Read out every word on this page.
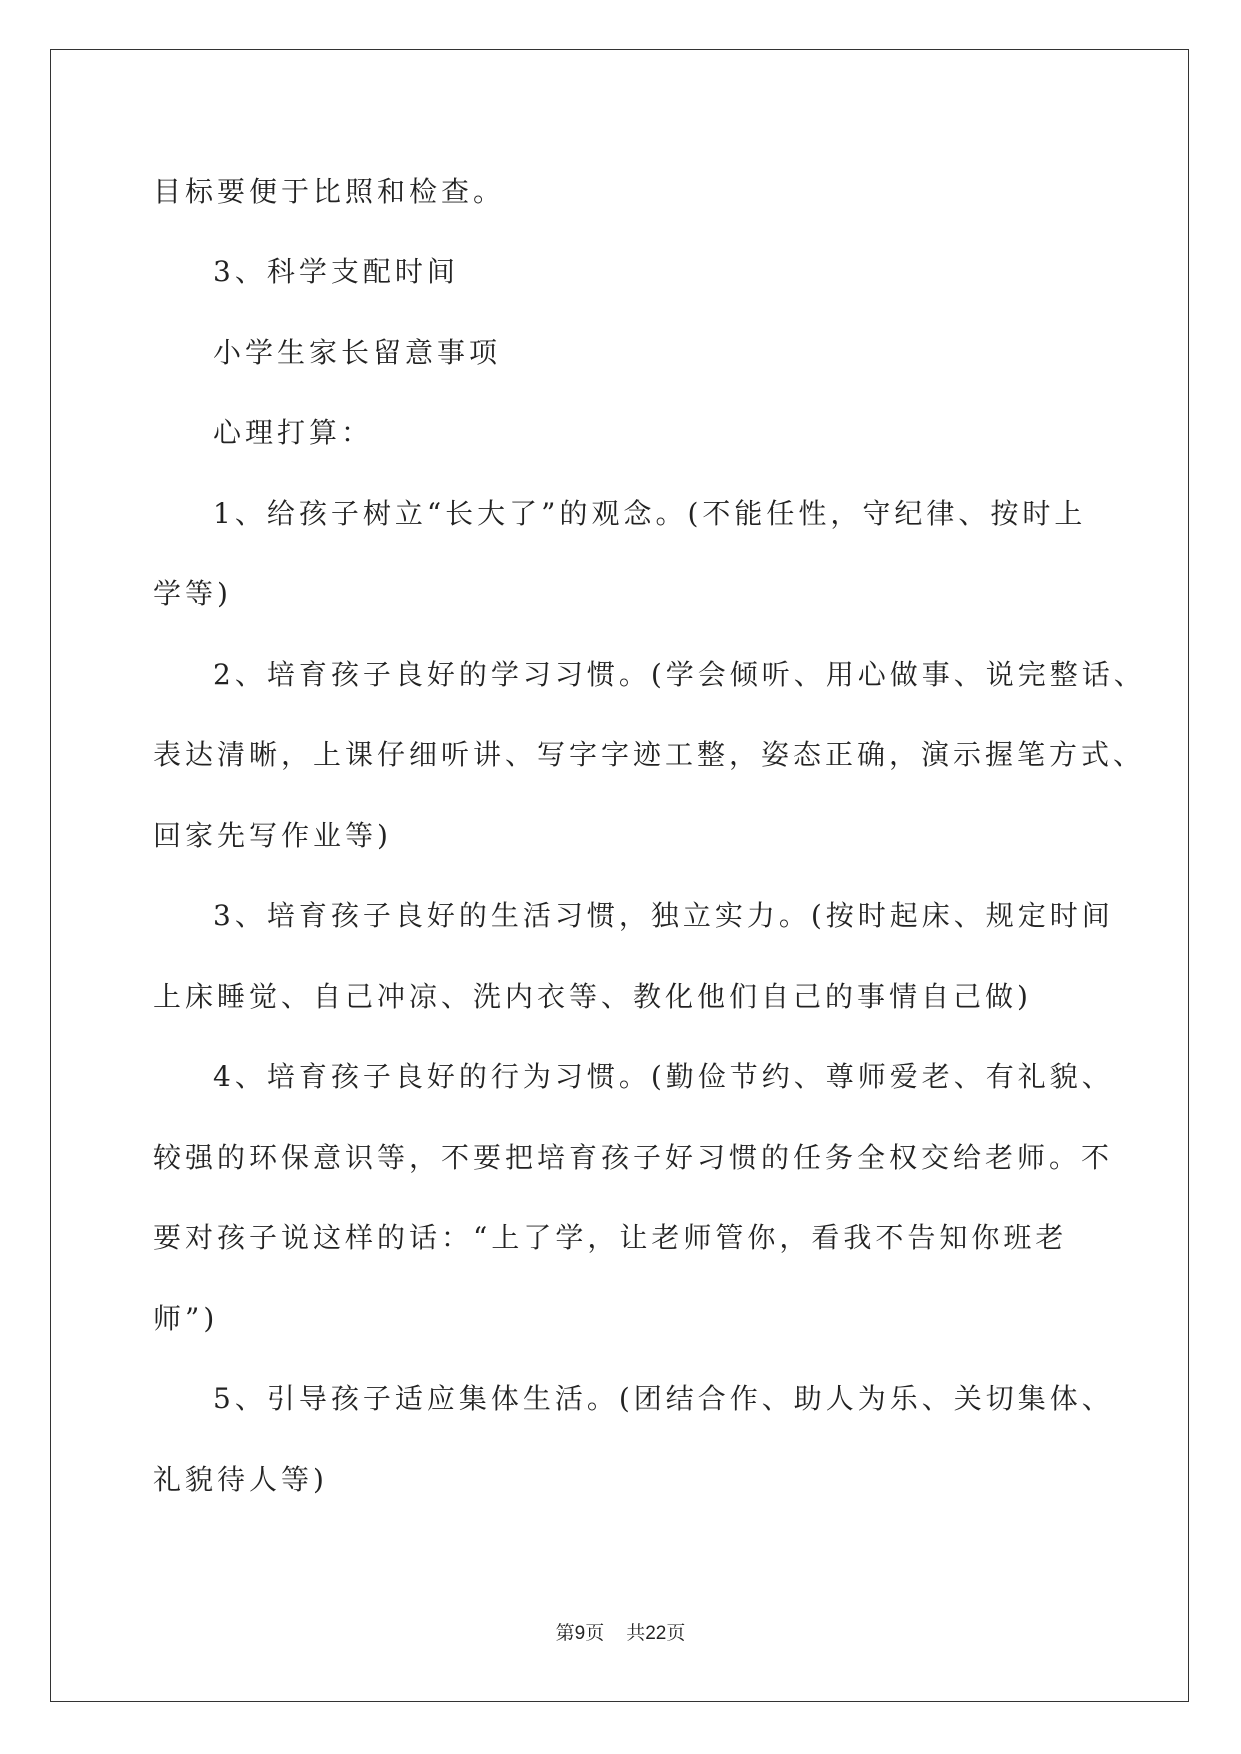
目标要便于比照和检查。
3、科学支配时间
小学生家长留意事项
心理打算：
1、给孩子树立“长大了”的观念。(不能任性，守纪律、按时上
学等)
2、培育孩子良好的学习习惯。(学会倾听、用心做事、说完整话、
表达清晰，上课仔细听讲、写字字迹工整，姿态正确，演示握笔方式、
回家先写作业等)
3、培育孩子良好的生活习惯，独立实力。(按时起床、规定时间
上床睡觉、自己冲凉、洗内衣等、教化他们自己的事情自己做)
4、培育孩子良好的行为习惯。(勤俭节约、尊师爱老、有礼貌、
较强的环保意识等，不要把培育孩子好习惯的任务全权交给老师。不
要对孩子说这样的话：“上了学，让老师管你，看我不告知你班老
师”)
5、引导孩子适应集体生活。(团结合作、助人为乐、关切集体、
礼貌待人等)
第9页 共22页
